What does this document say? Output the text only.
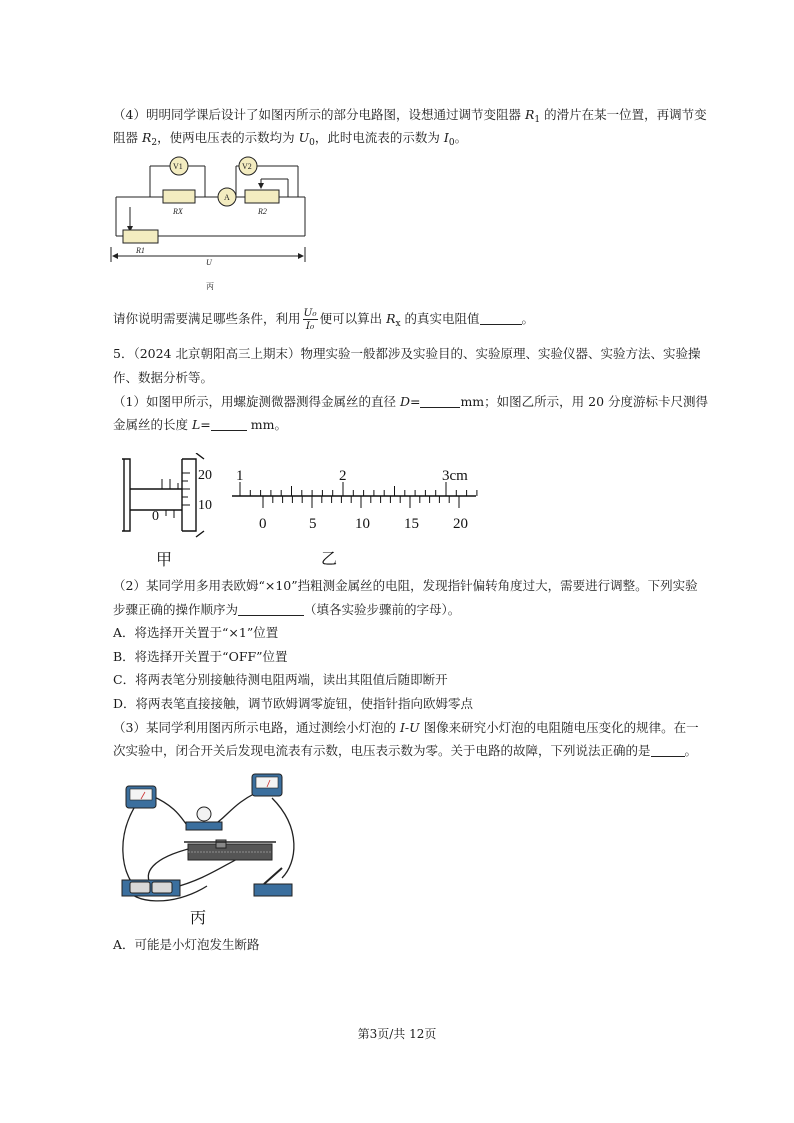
（4）明明同学课后设计了如图丙所示的部分电路图，设想通过调节变阻器 $R_1$ 的滑片在某一位置，再调节变
阻器 $R_2$，使两电压表的示数均为 $U_0$，此时电流表的示数为 $I_0$。
V1	V2
A
RX	R2
R1
U
丙
请你说明需要满足哪些条件，利用 $\frac{\text{U₀}}{\text{I₀}}$ 便可以算出 $R_x$ 的真实电阻值	。
5．（2024 北京朝阳高三上期末）物理实验一般都涉及实验目的、实验原理、实验仪器、实验方法、实验操
作、数据分析等。
（1）如图甲所示，用螺旋测微器测得金属丝的直径 D=	mm；如图乙所示，用 20 分度游标卡尺测得
金属丝的长度 L=	mm。
20
10
0
甲
1	2	3cm
0	5	10 15 20
乙
（2）某同学用多用表欧姆“×10”挡粗测金属丝的电阻，发现指针偏转角度过大，需要进行调整。下列实验
步骤正确的操作顺序为	（填各实验步骤前的字母）。
A．将选择开关置于“×1”位置
B．将选择开关置于“OFF”位置
C．将两表笔分别接触待测电阻两端，读出其阻值后随即断开
D．将两表笔直接接触，调节欧姆调零旋钮，使指针指向欧姆零点
（3）某同学利用图丙所示电路，通过测绘小灯泡的 I-U 图像来研究小灯泡的电阻随电压变化的规律。在一
次实验中，闭合开关后发现电流表有示数，电压表示数为零。关于电路的故障，下列说法正确的是	。
丙
A．可能是小灯泡发生断路
第3页/共 12页
